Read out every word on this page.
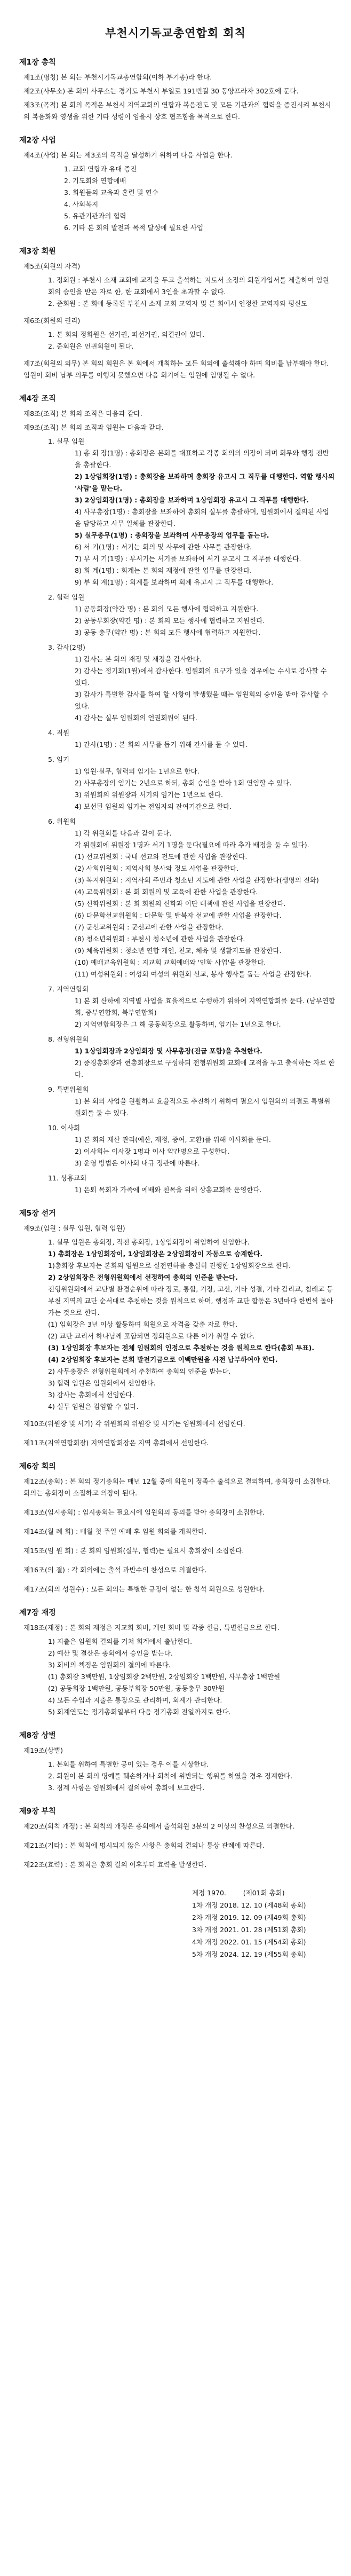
부천시기독교총연합회 회칙
제1장 총칙
제1조(명칭) 본 회는 부천시기독교총연합회(이하 부기총)라 한다.
제2조(사무소) 본 회의 사무소는 경기도 부천시 부일로 191번길 30 동양프라자 302호에 둔다.
제3조(목적) 본 회의 목적은 부천시 지역교회의 연합과 복음전도 및 모든 기관과의 협력을 증진시켜 부천시의 복음화와 영생을 위한 기타 성령이 임을시 상호 협조함을 목적으로 한다.
제2장 사업
제4조(사업) 본 회는 제3조의 목적을 달성하기 위하여 다음 사업을 한다.
1. 교회 연합과 유대 증진
2. 기도회와 연합예배
3. 회원들의 교육과 훈련 및 연수
4. 사회복지
5. 유관기관과의 협력
6. 기타 본 회의 발전과 목적 달성에 필요한 사업
제3장 회원
제5조(회원의 자격)
1. 정회원 : 부천시 소재 교회에 교적을 두고 출석하는 지토서 소정의 회원가입서를 제출하여 임원회의 승인을 받은 자로 한, 한 교회에서 3인을 초과할 수 없다.
2. 준회원 : 본 회에 등록된 부천시 소재 교회 교역자 및 본 회에서 인정한 교역자와 평신도
제6조(회원의 권리)
1. 본 회의 정회원은 선거권, 피선거권, 의결권이 있다.
2. 준회원은 언권회원이 된다.
제7조(회원의 의무) 본 회의 회원은 본 회에서 개최하는 모든 회의에 출석해야 하며 회비를 납부해야 한다. 임원이 회비 납부 의무를 이행치 못했으면 다음 회기에는 임원에 임명될 수 없다.
제4장 조직
제8조(조직) 본 회의 조직은 다음과 같다.
제9조(조직) 본 회의 조직과 임원는 다음과 같다.
1. 실무 임원
1) 총 회 장(1명) : 총회장은 본회를 대표하고 각종 회의의 의장이 되며 회무와 행정 전반을 총괄한다.
2) 1상임회장(1명) : 총회장을 보좌하며 총회장 유고시 그 직무를 대행한다. 역할 행사의 '사람'을 맡는다.
3) 2상임회장(1명) : 총회장을 보좌하며 1상임회장 유고시 그 직무를 대행한다.
4) 사무총장(1명) : 총회장을 보좌하여 총회의 실무를 총괄하며, 임원회에서 결의된 사업을 담당하고 사무 일체를 관장한다.
5) 실무총무(1명) : 총회장을 보좌하여 사무총장의 업무를 돕는다.
6) 서 기(1명) : 서기는 회의 및 사무에 관한 사무를 관장한다.
7) 부 서 기(1명) : 부서기는 서기를 보좌하여 서기 유고시 그 직무를 대행한다.
8) 회 계(1명) : 회계는 본 회의 재정에 관한 업무를 관장한다.
9) 부 회 계(1명) : 회계를 보좌하며 회계 유고시 그 직무를 대행한다.
2. 협력 임원
1) 공동회장(약간 명) : 본 회의 모든 행사에 협력하고 지원한다.
2) 공동부회장(약간 명) : 본 회의 모든 행사에 협력하고 지원한다.
3) 공동 총무(약간 명) : 본 회의 모든 행사에 협력하고 지원한다.
3. 감사(2명)
1) 감사는 본 회의 재정 및 재정을 감사한다.
2) 감사는 정기회(1월)에서 감사한다. 임원회의 요구가 있을 경우에는 수시로 감사할 수 있다.
3) 감사가 특별한 감사를 하여 할 사항이 발생했을 때는 임원회의 승인을 받아 감사할 수 있다.
4) 감사는 실무 임원회의 언권회원이 된다.
4. 직원
1) 간사(1명) : 본 회의 사무를 돕기 위해 간사를 둘 수 있다.
5. 임기
1) 임원·실무, 협력의 임기는 1년으로 한다.
2) 사무총장의 임기는 2년으로 하되, 총회 승인을 받아 1회 연임할 수 있다.
3) 위원회의 위원장과 서기의 임기는 1년으로 한다.
4) 보선된 임원의 임기는 전임자의 잔여기간으로 한다.
6. 위원회
1) 각 위원회를 다음과 같이 둔다.
각 위원회에 위원장 1명과 서기 1명을 둔다(필요에 따라 추가 배정을 둘 수 있다).
(1) 선교위원회 : 국내 선교와 전도에 관한 사업을 관장한다.
(2) 사회위원회 : 지역사회 봉사와 정도 사업을 관장한다.
(3) 복지위원회 : 지역사회 주민과 청소년 지도에 관한 사업을 관장한다(생명의 전화)
(4) 교육위원회 : 본 회 회원의 및 교육에 관한 사업을 관장한다.
(5) 신학위원회 : 본 회 회원의 신학과 이단 대책에 관한 사업을 관장한다.
(6) 다문화선교위원회 : 다문화 및 탈북자 선교에 관한 사업을 관장한다.
(7) 군선교위원회 : 군선교에 관한 사업을 관장한다.
(8) 청소년위원회 : 부천시 청소년에 관한 사업을 관장한다.
(9) 체육위원회 : 청소년 연합 개인, 친교, 체육 및 생활지도를 관장한다.
(10) 예배교육위원회 : 지교회 교회예배와 '인화 사업'을 관장한다.
(11) 여성위원회 : 여성회 여성의 위원회 선교, 봉사 행사를 돕는 사업을 관장한다.
7. 지역연합회
1) 본 회 산하에 지역별 사업을 효율적으로 수행하기 위하여 지역연합회를 둔다. (남부연합회, 중부연합회, 북부연합회)
2) 지역연합회장은 그 해 공동회장으로 활동하며, 임기는 1년으로 한다.
8. 전형위원회
1) 1상임회장과 2상임회장 및 사무총장(전급 포함)을 추천한다.
2) 증경총회장과 현총회장으로 구성하되 전형위원회 교회에 교적을 두고 출석하는 자로 한다.
9. 특별위원회
1) 본 회의 사업을 원활하고 효율적으로 추진하기 위하여 필요시 임원회의 의결로 특별위원회를 둘 수 있다.
10. 이사회
1) 본 회의 재산 관리(예산, 재정, 증여, 교환)를 위해 이사회를 둔다.
2) 이사회는 이사장 1명과 이사 약간명으로 구성한다.
3) 운영 방법은 이사회 내규 정관에 따른다.
11. 상흥교회
1) 은퇴 목회자 가족에 예배와 친목을 위해 상흥교회를 운영한다.
제5장 선거
제9조(임원 : 실무 임원, 협력 임원)
1. 실무 임원은 총회장, 직전 총회장, 1상임회장이 위임하여 선임한다.
1) 총회장은 1상임회장이, 1상임회장은 2상임회장이 자동으로 승계한다.
1)총회장 후보자는 본회의 임원으로 실전연하를 충실히 진행한 1상임회장으로 한다.
2) 2상임회장은 전형위원회에서 선정하여 총회의 인준을 받는다.
전형위원회에서 교단별 환경순위에 따라 장로, 통합, 기장, 고신, 기타 성결, 기타 감리교, 침례교 등 부천 지역의 교단 순서대로 추천하는 것을 원칙으로 하며, 행정과 교단 합동은 3년마다 한번씩 돌아가는 것으로 한다.
(1) 임회장은 3년 이상 활동하며 회원으로 자격을 갖춘 자로 한다.
(2) 교단 교리서 하나님께 포함되면 정회원으로 다른 이가 취할 수 없다.
(3) 1상임회장 후보자는 전체 임원회의 인정으로 추천하는 것을 원칙으로 한다(총회 투표).
(4) 2상임회장 후보자는 본회 발전기금으로 이백만원을 사전 납부하여야 한다.
2) 사무총장은 전형위원회에서 추천하여 총회의 인준을 받는다.
3) 협력 임원은 임원회에서 선임한다.
3) 감사는 총회에서 선임한다.
4) 실무 임원은 겸임할 수 없다.
제10조(위원장 및 서기) 각 위원회의 위원장 및 서기는 임원회에서 선임한다.
제11조(지역연합회장) 지역연합회장은 지역 총회에서 선임한다.
제6장 회의
제12조(총회) : 본 회의 정기총회는 매년 12월 중에 회원이 정족수 출석으로 결의하며, 총회장이 소집한다. 회의는 총회장이 소집하고 의장이 된다.
제13조(임시총회) : 임시총회는 필요시에 임원회의 동의를 받아 총회장이 소집한다.
제14조(월 례 회) : 매월 첫 주일 예배 후 임원 회의를 개최한다.
제15조(임 원 회) : 본 회의 임원회(실무, 협력)는 필요시 총회장이 소집한다.
제16조(의 결) : 각 회의에는 출석 과반수의 찬성으로 의결한다.
제17조(회의 성원수) : 모든 회의는 특별한 규정이 없는 한 참석 회원으로 성원한다.
제7장 재정
제18조(재정) : 본 회의 재정은 지교회 회비, 개인 회비 및 각종 헌금, 특별헌금으로 한다.
1) 지출은 임원회 결의를 거쳐 회계에서 출납한다.
2) 예산 및 결산은 총회에서 승인을 받는다.
3) 회비의 책정은 임원회의 결의에 따른다.
(1) 총회장 3백만원, 1상임회장 2백만원, 2상임회장 1백만원, 사무총장 1백만원
(2) 공동회장 1백만원, 공동부회장 50만원, 공동총무 30만원
4) 모든 수입과 지출은 통장으로 관리하며, 회계가 관리한다.
5) 회계연도는 정기총회일부터 다음 정기총회 전일까지로 한다.
제8장 상벌
제19조(상벌)
1. 본회를 위하여 특별한 공이 있는 경우 이를 시상한다.
2. 회원이 본 회의 명예를 훼손하거나 회칙에 위반되는 행위를 하였을 경우 징계한다.
3. 징계 사항은 임원회에서 결의하여 총회에 보고한다.
제9장 부칙
제20조(회칙 개정) : 본 회칙의 개정은 총회에서 출석회원 3분의 2 이상의 찬성으로 의결한다.
제21조(기타) : 본 회칙에 명시되지 않은 사항은 총회의 결의나 통상 관례에 따른다.
제22조(효력) : 본 회칙은 총회 결의 이후부터 효력을 발생한다.
제정 1970.        (제01회 총회)
1차 개정 2018. 12. 10 (제48회 총회)
2차 개정 2019. 12. 09 (제49회 총회)
3차 개정 2021. 01. 28 (제51회 총회)
4차 개정 2022. 01. 15 (제54회 총회)
5차 개정 2024. 12. 19 (제55회 총회)
